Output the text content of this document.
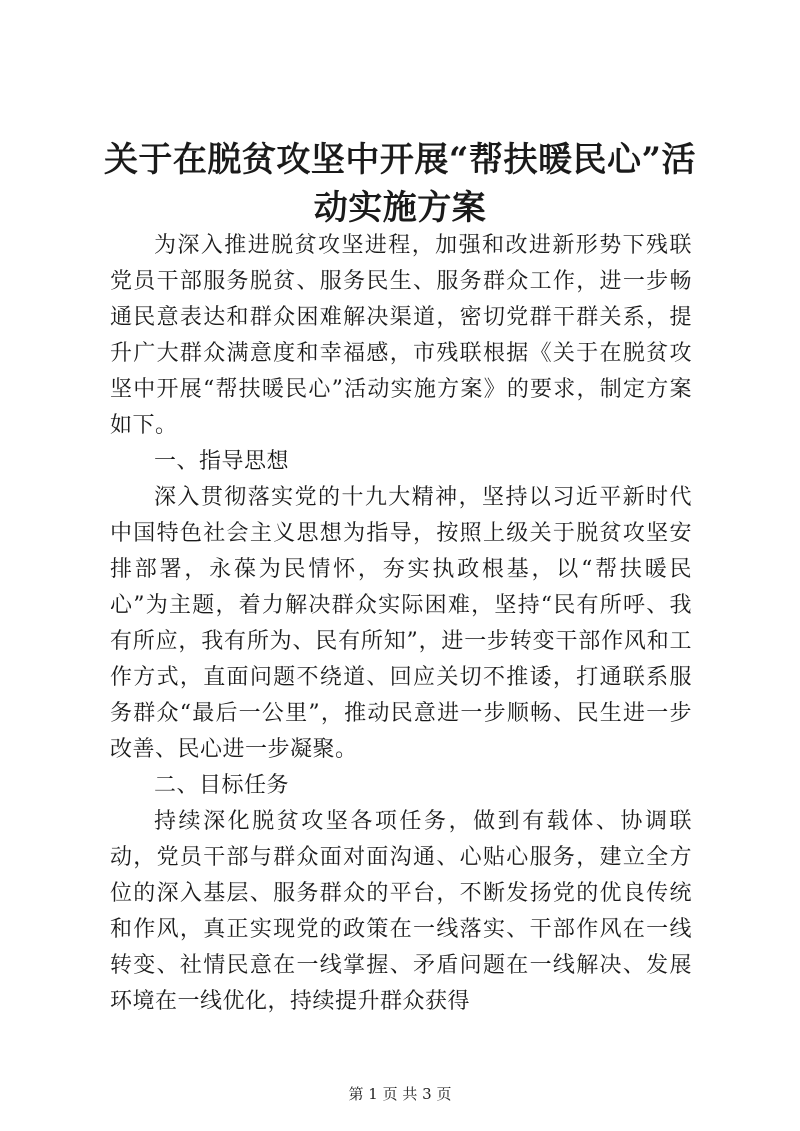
关于在脱贫攻坚中开展“帮扶暖民心”活动实施方案

为深入推进脱贫攻坚进程，加强和改进新形势下残联党员干部服务脱贫、服务民生、服务群众工作，进一步畅通民意表达和群众困难解决渠道，密切党群干群关系，提升广大群众满意度和幸福感，市残联根据《关于在脱贫攻坚中开展“帮扶暖民心”活动实施方案》的要求，制定方案如下。

一、指导思想

深入贯彻落实党的十九大精神，坚持以习近平新时代中国特色社会主义思想为指导，按照上级关于脱贫攻坚安排部署，永葆为民情怀，夯实执政根基，以“帮扶暖民心”为主题，着力解决群众实际困难，坚持“民有所呼、我有所应，我有所为、民有所知”，进一步转变干部作风和工作方式，直面问题不绕道、回应关切不推诿，打通联系服务群众“最后一公里”，推动民意进一步顺畅、民生进一步改善、民心进一步凝聚。

二、目标任务

持续深化脱贫攻坚各项任务，做到有载体、协调联动，党员干部与群众面对面沟通、心贴心服务，建立全方位的深入基层、服务群众的平台，不断发扬党的优良传统和作风，真正实现党的政策在一线落实、干部作风在一线转变、社情民意在一线掌握、矛盾问题在一线解决、发展环境在一线优化，持续提升群众获得

第 1 页 共 3 页
